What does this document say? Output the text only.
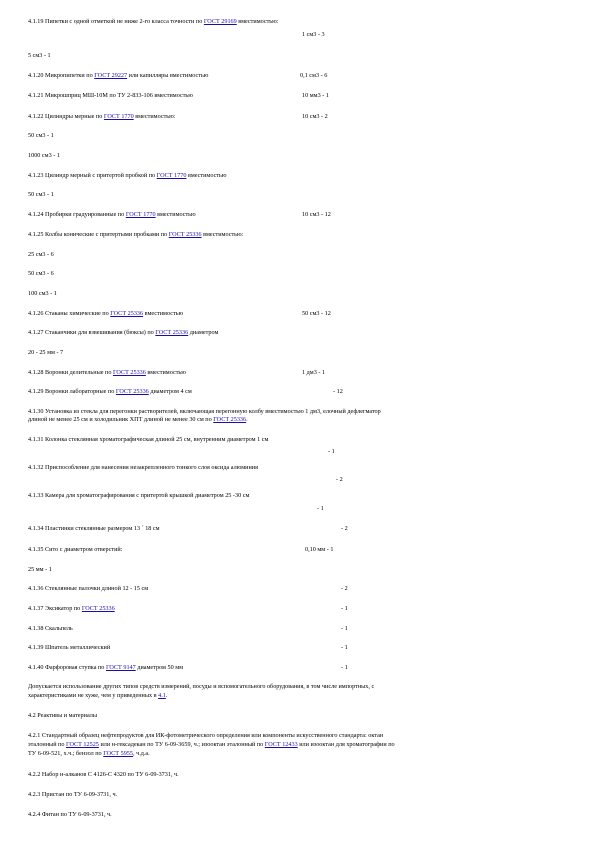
4.1.19 Пипетки с одной отметкой не ниже 2-го класса точности по ГОСТ 29169 вместимостью:
1 см3 - 3
5 см3 - 1
4.1.20 Микропипетки по ГОСТ 29227 или капилляры вместимостью	0,1 см3 - 6
4.1.21 Микрошприц МШ-10М по ТУ 2-833-106 вместимостью	10 мм3 - 1
4.1.22 Цилиндры мерные по ГОСТ 1770 вместимостью:	10 см3 - 2
50 см3 - 1
1000 см3 - 1
4.1.23 Цилиндр мерный с притертой пробкой по ГОСТ 1770 вместимостью
50 см3 - 1
4.1.24 Пробирки градуированные по ГОСТ 1770 вместимостью	10 см3 - 12
4.1.25 Колбы конические с притертыми пробками по ГОСТ 25336 вместимостью:
25 см3 - 6
50 см3 - 6
100 см3 - 1
4.1.26 Стаканы химические по ГОСТ 25336 вместимостью	50 см3 - 12
4.1.27 Стаканчики для взвешивания (бюксы) по ГОСТ 25336 диаметром
20 - 25 мм - 7
4.1.28 Воронки делительные по ГОСТ 25336 вместимостью	1 дм3 - 1
4.1.29 Воронки лабораторные по ГОСТ 25336 диаметром 4 см	- 12
4.1.30 Установка из стекла для перегонки растворителей, включающая перегонную колбу вместимостью 1 дм3, елочный дефлегматор
длиной не менее 25 см и холодильник ХПТ длиной не менее 30 см по ГОСТ 25336.
4.1.31 Колонка стеклянная хроматографическая длиной 25 см, внутренним диаметром 1 см
- 1
4.1.32 Приспособление для нанесения незакрепленного тонкого слоя оксида алюминия
- 2
4.1.33 Камера для хроматографирования с притертой крышкой диаметром 25 -30 см
- 1
4.1.34 Пластинки стеклянные размером 13 ´ 18 см	- 2
4.1.35 Сито с диаметром отверстий:	0,10 мм - 1
25 мм - 1
4.1.36 Стеклянные палочки длиной 12 - 15 см	- 2
4.1.37 Эксикатор по ГОСТ 25336	- 1
4.1.38 Скальпель	- 1
4.1.39 Шпатель металлический	- 1
4.1.40 Фарфоровая ступка по ГОСТ 9147 диаметром 50 мм	- 1
Допускается использование других типов средств измерений, посуды и вспомогательного оборудования, в том числе импортных, с
характеристиками не хуже, чем у приведенных в 4.1.
4.2 Реактивы и материалы
4.2.1 Стандартный образец нефтепродуктов для ИК-фотометрического определения или компоненты искусственного стандарта: октан
эталонный по ГОСТ 12525 или н-гексадекан по ТУ 6-09-3659, ч.; изооктан эталонный по ГОСТ 12433 или изооктан для хроматографии по
ТУ 6-09-521, х.ч.; бензол по ГОСТ 5955, ч.д.а.
4.2.2 Набор н-алканов С 4126-С 4320 по ТУ 6-09-3731, ч.
4.2.3 Пристан по ТУ 6-09-3731, ч.
4.2.4 Фитан по ТУ 6-09-3731, ч.
